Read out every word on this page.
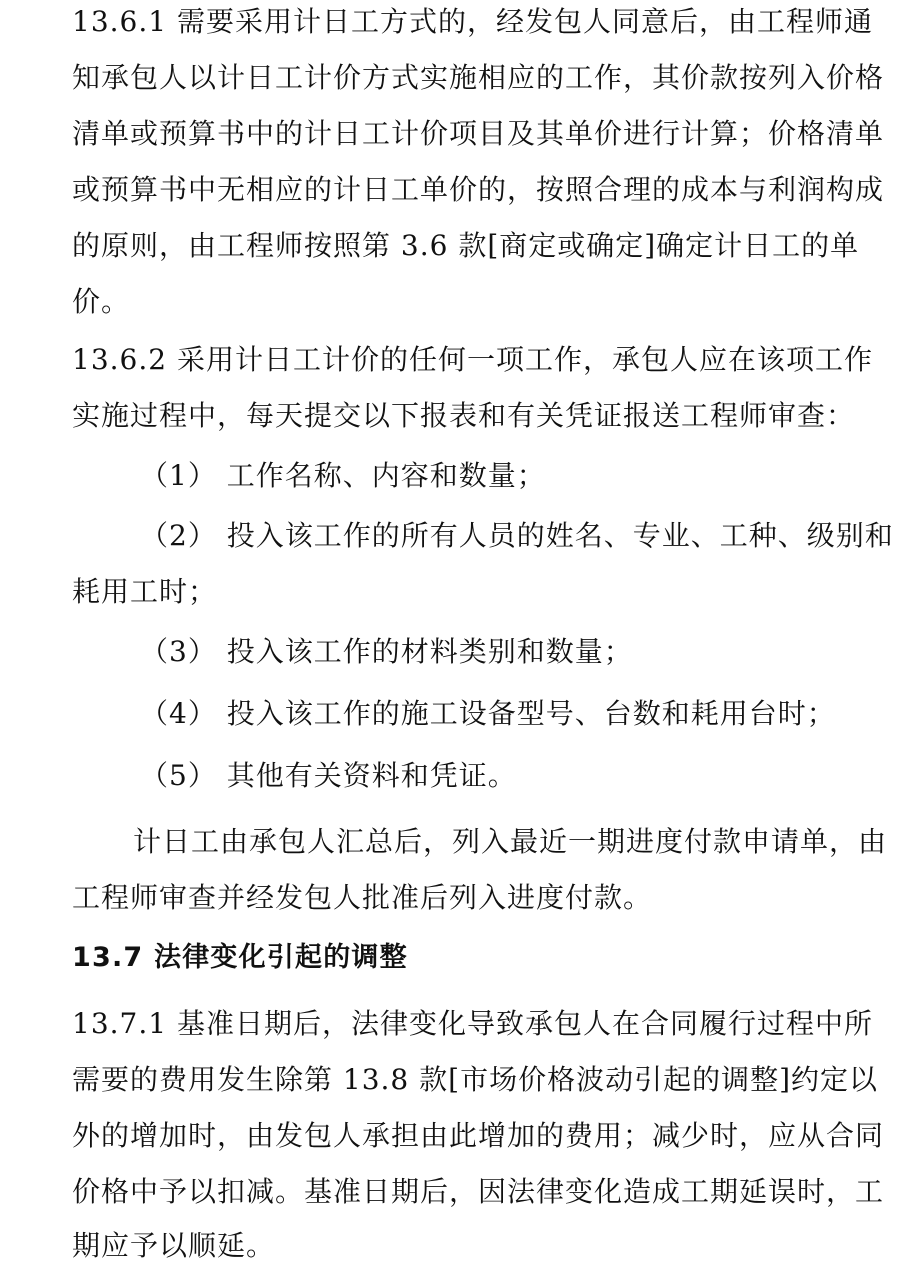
13.6.1 需要采用计日工方式的，经发包人同意后，由工程师通
知承包人以计日工计价方式实施相应的工作，其价款按列入价格
清单或预算书中的计日工计价项目及其单价进行计算；价格清单
或预算书中无相应的计日工单价的，按照合理的成本与利润构成
的原则，由工程师按照第 3.6 款[商定或确定]确定计日工的单
价。
13.6.2 采用计日工计价的任何一项工作，承包人应在该项工作
实施过程中，每天提交以下报表和有关凭证报送工程师审查：
（1） 工作名称、内容和数量；
（2） 投入该工作的所有人员的姓名、专业、工种、级别和
耗用工时；
（3） 投入该工作的材料类别和数量；
（4） 投入该工作的施工设备型号、台数和耗用台时；
（5） 其他有关资料和凭证。
计日工由承包人汇总后，列入最近一期进度付款申请单，由
工程师审查并经发包人批准后列入进度付款。
13.7 法律变化引起的调整
13.7.1 基准日期后，法律变化导致承包人在合同履行过程中所
需要的费用发生除第 13.8 款[市场价格波动引起的调整]约定以
外的增加时，由发包人承担由此增加的费用；减少时，应从合同
价格中予以扣减。基准日期后，因法律变化造成工期延误时，工
期应予以顺延。
